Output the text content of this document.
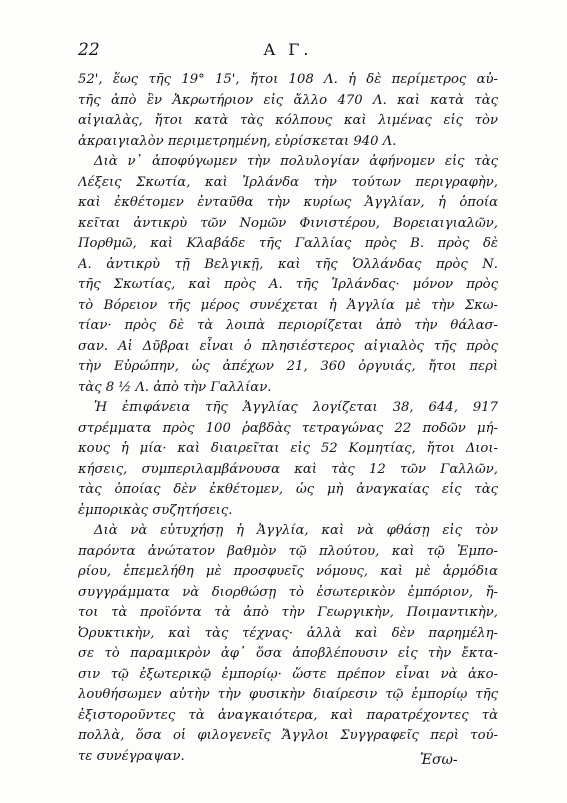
22	Α Γ.
52', ἕως τῆς 19° 15', ἤτοι 108 Λ. ἡ δὲ περίμετρος αὐ-
τῆς ἀπὸ ἓν Ἀκρωτήριον εἰς ἄλλο 470 Λ. καὶ κατὰ τὰς
αἰγιαλὰς, ἤτοι κατὰ τὰς κόλπους καὶ λιμένας εἰς τὸν
ἀκραιγιαλὸν περιμετρημένη, εὑρίσκεται 940 Λ.
Διὰ ν᾽ ἀποφύγωμεν τὴν πολυλογίαν ἀφήνομεν εἰς τὰς
Λέξεις Σκωτία, καὶ Ἰρλάνδα τὴν τούτων περιγραφὴν,
καὶ ἐκθέτομεν ἐνταῦθα τὴν κυρίως Ἀγγλίαν, ἡ ὁποία
κεῖται ἀντικρὺ τῶν Νομῶν Φινιστέρου, Βορειαιγιαλῶν,
Πορθμῶ, καὶ Κλαβάδε τῆς Γαλλίας πρὸς Β. πρὸς δὲ
Α. ἀντικρὺ τῇ Βελγικῇ, καὶ τῆς Ὁλλάνδας πρὸς Ν.
τῆς Σκωτίας, καὶ πρὸς Α. τῆς Ἰρλάνδας· μόνον πρὸς
τὸ Βόρειον τῆς μέρος συνέχεται ἡ Ἀγγλία μὲ τὴν Σκω-
τίαν· πρὸς δὲ τὰ λοιπὰ περιορίζεται ἀπὸ τὴν θάλασ-
σαν. Αἱ Δῦβραι εἶναι ὁ πλησιέστερος αἰγιαλὸς τῆς πρὸς
τὴν Εὐρώπην, ὡς ἀπέχων 21, 360 ὀργυιάς, ἤτοι περὶ
τὰς 8 ½ Λ. ἀπὸ τὴν Γαλλίαν.
Ἡ ἐπιφάνεια τῆς Ἀγγλίας λογίζεται 38, 644, 917
στρέμματα πρὸς 100 ῥαβδὰς τετραγώνας 22 ποδῶν μή-
κους ἡ μία· καὶ διαιρεῖται εἰς 52 Κομητίας, ἤτοι Διοι-
κήσεις, συμπεριλαμβάνουσα καὶ τὰς 12 τῶν Γαλλῶν,
τὰς ὁποίας δὲν ἐκθέτομεν, ὡς μὴ ἀναγκαίας εἰς τὰς
ἐμπορικὰς συζητήσεις.
Διὰ νὰ εὐτυχήσῃ ἡ Ἀγγλία, καὶ νὰ φθάσῃ εἰς τὸν
παρόντα ἀνώτατον βαθμὸν τῷ πλούτου, καὶ τῷ Ἐμπο-
ρίου, ἐπεμελήθη μὲ προσφυεῖς νόμους, καὶ μὲ ἁρμόδια
συγγράμματα νὰ διορθώσῃ τὸ ἐσωτερικὸν ἐμπόριον, ἤ-
τοι τὰ προϊόντα τὰ ἀπὸ τὴν Γεωργικὴν, Ποιμαντικὴν,
Ὀρυκτικὴν, καὶ τὰς τέχνας· ἀλλὰ καὶ δὲν παρημέλη-
σε τὸ παραμικρὸν ἀφ᾽ ὅσα ἀποβλέπουσιν εἰς τὴν ἔκτα-
σιν τῷ ἐξωτερικῷ ἐμπορίῳ· ὥστε πρέπον εἶναι νὰ ἀκο-
λουθήσωμεν αὐτὴν τὴν φυσικὴν διαίρεσιν τῷ ἐμπορίῳ τῆς
ἐξιστοροῦντες τὰ ἀναγκαιότερα, καὶ παρατρέχοντες τὰ
πολλὰ, ὅσα οἱ φιλογενεῖς Ἄγγλοι Συγγραφεῖς περὶ τού-
τε συνέγραψαν.	Ἐσω-
